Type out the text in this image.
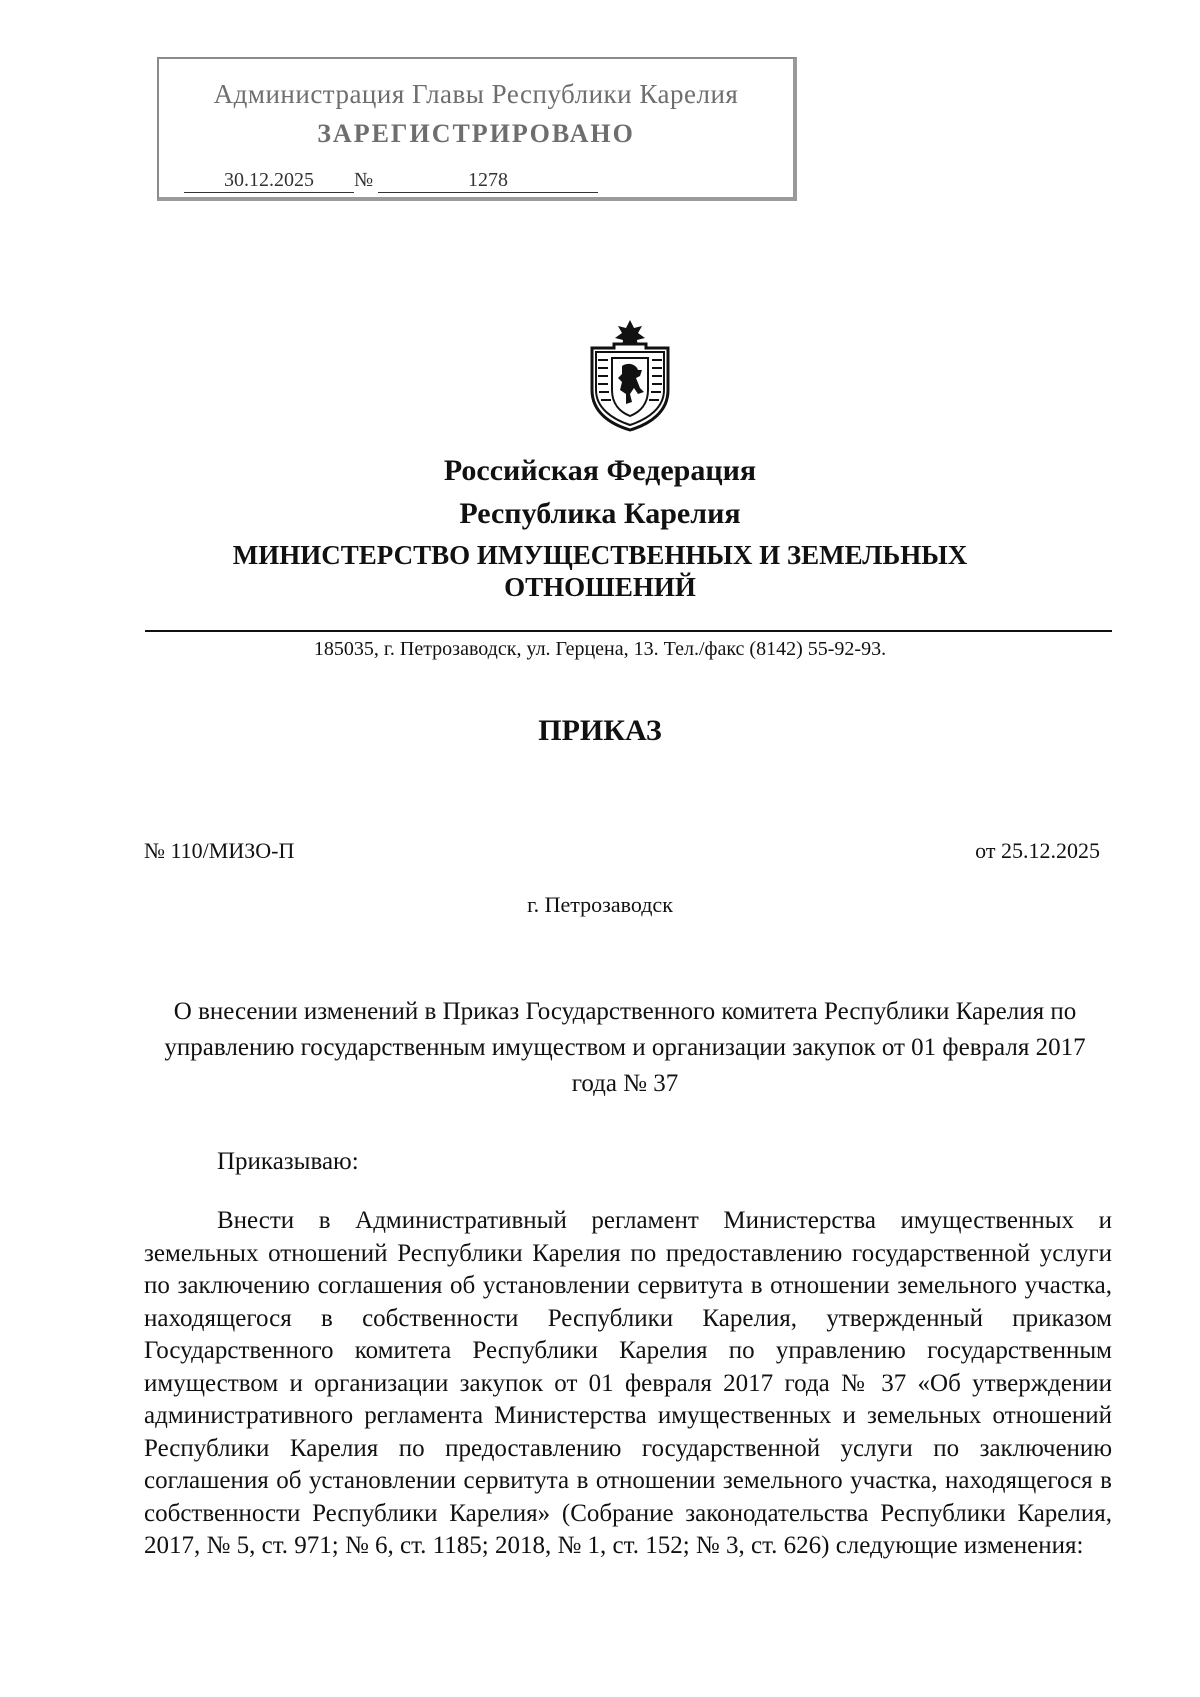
Администрация Главы Республики Карелия
ЗАРЕГИСТРИРОВАНО
30.12.2025 №	1278
Российская Федерация
Республика Карелия
МИНИСТЕРСТВО ИМУЩЕСТВЕННЫХ И ЗЕМЕЛЬНЫХ
ОТНОШЕНИЙ
185035, г. Петрозаводск, ул. Герцена, 13. Тел./факс (8142) 55-92-93.
ПРИКАЗ
№ 110/МИЗО-П	от 25.12.2025
г. Петрозаводск
О внесении изменений в Приказ Государственного комитета Республики Карелия по управлению государственным имуществом и организации закупок от 01 февраля 2017 года № 37
Приказываю:
Внести в Административный регламент Министерства имущественных и земельных отношений Республики Карелия по предоставлению государственной услуги по заключению соглашения об установлении сервитута в отношении земельного участка, находящегося в собственности Республики Карелия, утвержденный приказом Государственного комитета Республики Карелия по управлению государственным имуществом и организации закупок от 01 февраля 2017 года № 37 «Об утверждении административного регламента Министерства имущественных и земельных отношений Республики Карелия по предоставлению государственной услуги по заключению соглашения об установлении сервитута в отношении земельного участка, находящегося в собственности Республики Карелия» (Собрание законодательства Республики Карелия, 2017, № 5, ст. 971; № 6, ст. 1185; 2018, № 1, ст. 152; № 3, ст. 626) следующие изменения:
